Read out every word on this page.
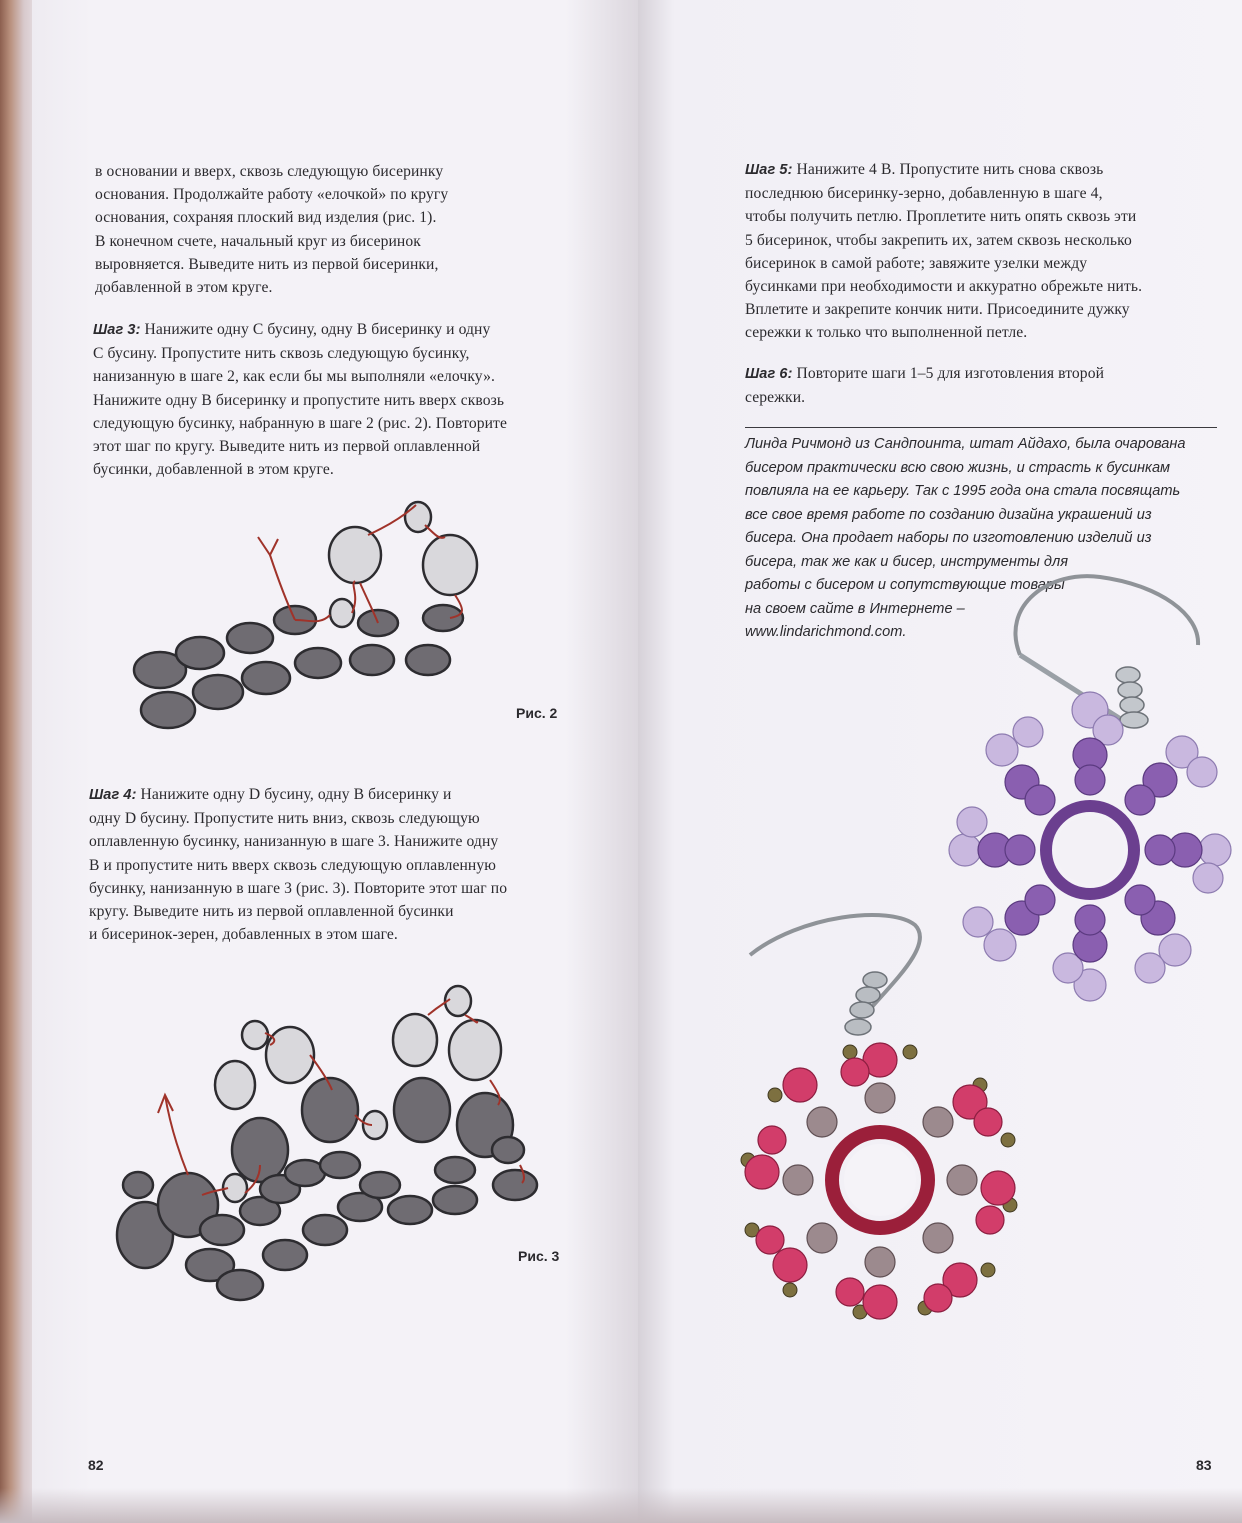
в основании и вверх, сквозь следующую бисеринку
основания. Продолжайте работу «елочкой» по кругу
основания, сохраняя плоский вид изделия (рис. 1).
В конечном счете, начальный круг из бисеринок
выровняется. Выведите нить из первой бисеринки,
добавленной в этом круге.
Шаг 3: Нанижите одну С бусину, одну В бисеринку и одну
С бусину. Пропустите нить сквозь следующую бусинку,
нанизанную в шаге 2, как если бы мы выполняли «елочку».
Нанижите одну В бисеринку и пропустите нить вверх сквозь
следующую бусинку, набранную в шаге 2 (рис. 2). Повторите
этот шаг по кругу. Выведите нить из первой оплавленной
бусинки, добавленной в этом круге.
Рис. 2
Шаг 4: Нанижите одну D бусину, одну В бисеринку и
одну D бусину. Пропустите нить вниз, сквозь следующую
оплавленную бусинку, нанизанную в шаге 3. Нанижите одну
В и пропустите нить вверх сквозь следующую оплавленную
бусинку, нанизанную в шаге 3 (рис. 3). Повторите этот шаг по
кругу. Выведите нить из первой оплавленной бусинки
и бисеринок-зерен, добавленных в этом шаге.
Рис. 3
82
Шаг 5: Нанижите 4 В. Пропустите нить снова сквозь
последнюю бисеринку-зерно, добавленную в шаге 4,
чтобы получить петлю. Проплетите нить опять сквозь эти
5 бисеринок, чтобы закрепить их, затем сквозь несколько
бисеринок в самой работе; завяжите узелки между
бусинками при необходимости и аккуратно обрежьте нить.
Вплетите и закрепите кончик нити. Присоедините дужку
сережки к только что выполненной петле.
Шаг 6: Повторите шаги 1–5 для изготовления второй
сережки.
Линда Ричмонд из Сандпоинта, штат Айдахо, была очарована
бисером практически всю свою жизнь, и страсть к бусинкам
повлияла на ее карьеру. Так с 1995 года она стала посвящать
все свое время работе по созданию дизайна украшений из
бисера. Она продает наборы по изготовлению изделий из
бисера, так же как и бисер, инструменты для
работы с бисером и сопутствующие товары
на своем сайте в Интернете –
www.lindarichmond.com.
83
